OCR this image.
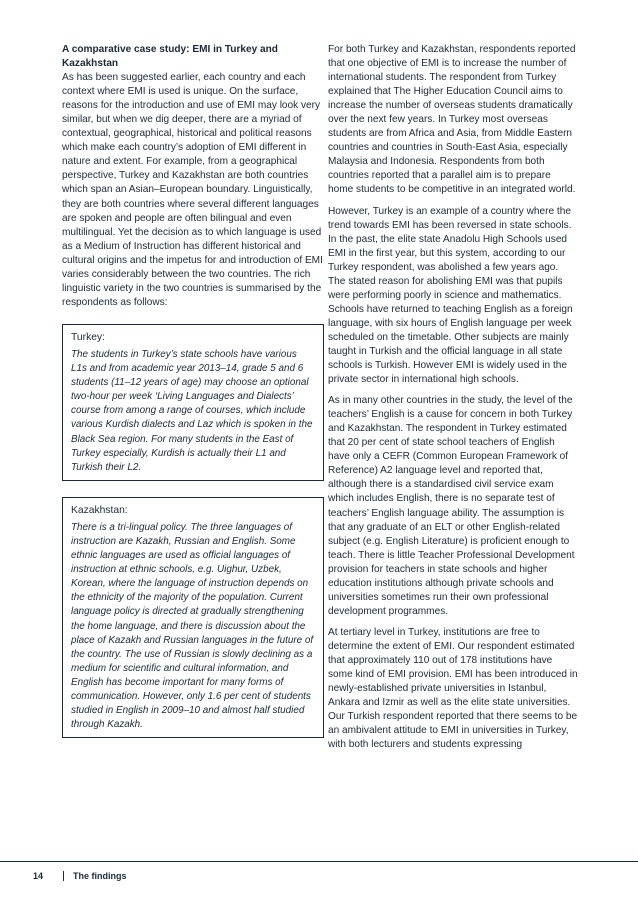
A comparative case study: EMI in Turkey and Kazakhstan

As has been suggested earlier, each country and each context where EMI is used is unique. On the surface, reasons for the introduction and use of EMI may look very similar, but when we dig deeper, there are a myriad of contextual, geographical, historical and political reasons which make each country’s adoption of EMI different in nature and extent. For example, from a geographical perspective, Turkey and Kazakhstan are both countries which span an Asian–European boundary. Linguistically, they are both countries where several different languages are spoken and people are often bilingual and even multilingual. Yet the decision as to which language is used as a Medium of Instruction has different historical and cultural origins and the impetus for and introduction of EMI varies considerably between the two countries. The rich linguistic variety in the two countries is summarised by the respondents as follows:

Turkey:

The students in Turkey’s state schools have various L1s and from academic year 2013–14, grade 5 and 6 students (11–12 years of age) may choose an optional two-hour per week ‘Living Languages and Dialects’ course from among a range of courses, which include various Kurdish dialects and Laz which is spoken in the Black Sea region. For many students in the East of Turkey especially, Kurdish is actually their L1 and Turkish their L2.

Kazakhstan:

There is a tri-lingual policy. The three languages of instruction are Kazakh, Russian and English. Some ethnic languages are used as official languages of instruction at ethnic schools, e.g. Uighur, Uzbek, Korean, where the language of instruction depends on the ethnicity of the majority of the population. Current language policy is directed at gradually strengthening the home language, and there is discussion about the place of Kazakh and Russian languages in the future of the country. The use of Russian is slowly declining as a medium for scientific and cultural information, and English has become important for many forms of communication. However, only 1.6 per cent of students studied in English in 2009–10 and almost half studied through Kazakh.

For both Turkey and Kazakhstan, respondents reported that one objective of EMI is to increase the number of international students. The respondent from Turkey explained that The Higher Education Council aims to increase the number of overseas students dramatically over the next few years. In Turkey most overseas students are from Africa and Asia, from Middle Eastern countries and countries in South-East Asia, especially Malaysia and Indonesia. Respondents from both countries reported that a parallel aim is to prepare home students to be competitive in an integrated world.

However, Turkey is an example of a country where the trend towards EMI has been reversed in state schools. In the past, the elite state Anadolu High Schools used EMI in the first year, but this system, according to our Turkey respondent, was abolished a few years ago. The stated reason for abolishing EMI was that pupils were performing poorly in science and mathematics. Schools have returned to teaching English as a foreign language, with six hours of English language per week scheduled on the timetable. Other subjects are mainly taught in Turkish and the official language in all state schools is Turkish. However EMI is widely used in the private sector in international high schools.

As in many other countries in the study, the level of the teachers’ English is a cause for concern in both Turkey and Kazakhstan. The respondent in Turkey estimated that 20 per cent of state school teachers of English have only a CEFR (Common European Framework of Reference) A2 language level and reported that, although there is a standardised civil service exam which includes English, there is no separate test of teachers’ English language ability. The assumption is that any graduate of an ELT or other English-related subject (e.g. English Literature) is proficient enough to teach. There is little Teacher Professional Development provision for teachers in state schools and higher education institutions although private schools and universities sometimes run their own professional development programmes.

At tertiary level in Turkey, institutions are free to determine the extent of EMI. Our respondent estimated that approximately 110 out of 178 institutions have some kind of EMI provision. EMI has been introduced in newly-established private universities in Istanbul, Ankara and Izmir as well as the elite state universities. Our Turkish respondent reported that there seems to be an ambivalent attitude to EMI in universities in Turkey, with both lecturers and students expressing

14	The findings
